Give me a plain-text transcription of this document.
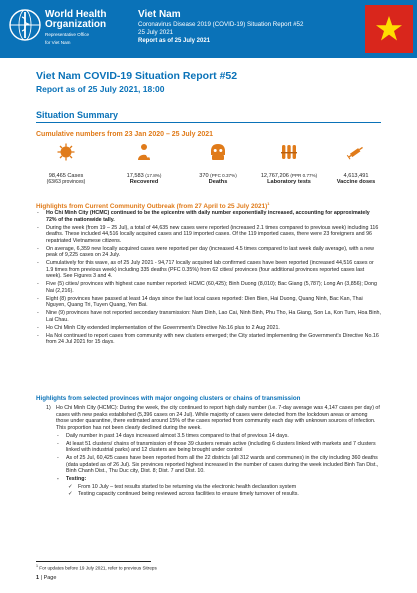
World Health
Organization
Representative Office
for Viet Nam
Viet Nam
Coronavirus Disease 2019 (COVID-19) Situation Report #52
25 July 2021
Report as of 25 July 2021
Viet Nam COVID-19 Situation Report #52
Report as of 25 July 2021, 18:00
Situation Summary
Cumulative numbers from 23 Jan 2020 – 25 July 2021
98,465 Cases
(63/63 provinces)
17,583 (17.8%)
Recovered
370 (PFC 0.37%)
Deaths
12,767,206 (PPR 0.77%)
Laboratory tests
4,613,491
Vaccine doses
Highlights from Current Community Outbreak (from 27 April to 25 July 2021)$^1$
- Ho Chi Minh City (HCMC) continued to be the epicentre with daily number exponentially increased, accounting for approximately 72% of the nationwide tally.
- During the week (from 19 – 25 Jul), a total of 44,635 new cases were reported (increased 2.1 times compared to previous week) including 116 deaths. These included 44,516 locally acquired cases and 119 imported cases. Of the 119 imported cases, there were 23 foreigners and 96 repatriated Vietnamese citizens.
- On average, 6,359 new locally acquired cases were reported per day (increased 4.5 times compared to last week daily average), with a new peak of 9,225 cases on 24 July.
- Cumulatively for this wave, as of 25 July 2021 - 94,717 locally acquired lab confirmed cases have been reported (increased 44,516 cases or 1.9 times from previous week) including 335 deaths (PFC 0.35%) from 62 cities/ provinces (four additional provinces reported cases last week). See Figures 3 and 4.
- Five (5) cities/ provinces with highest case number reported: HCMC (60,425); Binh Duong (8,010); Bac Giang (5,787); Long An (3,856); Dong Nai (2,216).
- Eight (8) provinces have passed at least 14 days since the last local cases reported: Dien Bien, Hai Duong, Quang Ninh, Bac Kan, Thai Nguyen, Quang Tri, Tuyen Quang, Yen Bai.
- Nine (9) provinces have not reported secondary transmission: Nam Dinh, Lao Cai, Ninh Binh, Phu Tho, Ha Giang, Son La, Kon Tum, Hoa Binh, Lai Chau.
- Ho Chi Minh City extended implementation of the Government's Directive No.16 plus to 2 Aug 2021.
- Ha Noi continued to report cases from community with new clusters emerged; the City started implementing the Government's Directive No.16 from 24 Jul 2021 for 15 days.
Highlights from selected provinces with major ongoing clusters or chains of transmission
1) Ho Chi Minh City (HCMC): During the week, the city continued to report high daily number (i.e. 7-day average was 4,147 cases per day) of cases with new peaks established (5,396 cases on 24 Jul). While majority of cases were detected from the lockdown areas or among those under quarantine, there estimated around 15% of the cases reported from community each day with unknown sources of infection. This proportion has not been clearly declined during the week.
- Daily number in past 14 days increased almost 3.5 times compared to that of previous 14 days.
- At least 51 clusters/ chains of transmission of those 39 clusters remain active (including 6 clusters linked with markets and 7 clusters linked with industrial parks) and 12 clusters are being brought under control
- As of 25 Jul, 60,425 cases have been reported from all the 22 districts (all 312 wards and communes) in the city including 360 deaths (data updated as of 26 Jul). Six provinces reported highest increased in the number of cases during the week included Binh Tan Dist., Binh Chanh Dist., Thu Duc city, Dist. 8; Dist. 7 and Dist. 10.
- Testing:
✓ From 10 July – test results started to be returning via the electronic health declaration system
✓ Testing capacity continued being reviewed across facilities to ensure timely turnover of results.
$^1$ For updates before 19 July 2021, refer to previous Sitreps
1 | Page
